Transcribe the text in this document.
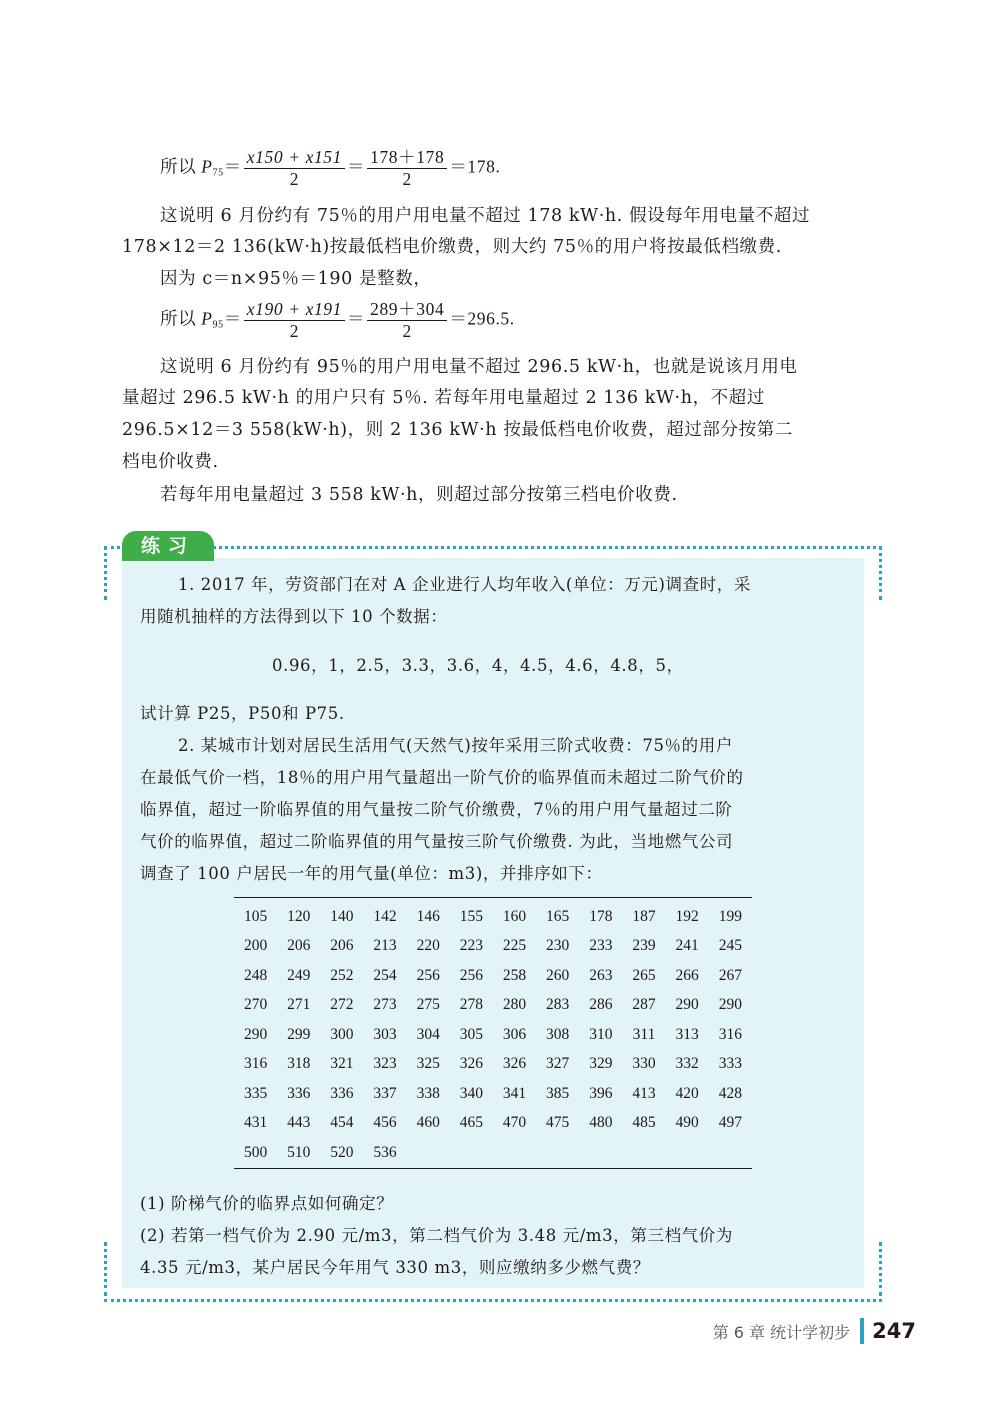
所以 $P_{75}= \frac{x150 + x151}{2} = \frac{178+178}{2} =178$.
这说明 6 月份约有 75％的用户用电量不超过 178 kW·h. 假设每年用电量不超过
178×12＝2 136(kW·h)按最低档电价缴费，则大约 75％的用户将按最低档缴费.
因为 c＝n×95％＝190 是整数，
所以 $P_{95}= \frac{x190 + x191}{2} = \frac{289+304}{2} =296.5$.
这说明 6 月份约有 95％的用户用电量不超过 296.5 kW·h，也就是说该月用电
量超过 296.5 kW·h 的用户只有 5％. 若每年用电量超过 2 136 kW·h，不超过
296.5×12＝3 558(kW·h)，则 2 136 kW·h 按最低档电价收费，超过部分按第二
档电价收费.
若每年用电量超过 3 558 kW·h，则超过部分按第三档电价收费.
练习
1. 2017 年，劳资部门在对 A 企业进行人均年收入(单位：万元)调查时，采
用随机抽样的方法得到以下 10 个数据：
0.96，1，2.5，3.3，3.6，4，4.5，4.6，4.8，5，
试计算 P25，P50和 P75.
2. 某城市计划对居民生活用气(天然气)按年采用三阶式收费：75％的用户
在最低气价一档，18％的用户用气量超出一阶气价的临界值而未超过二阶气价的
临界值，超过一阶临界值的用气量按二阶气价缴费，7％的用户用气量超过二阶
气价的临界值，超过二阶临界值的用气量按三阶气价缴费. 为此，当地燃气公司
调查了 100 户居民一年的用气量(单位：m3)，并排序如下：
105	120	140	142	146	155	160	165	178	187	192	199
200	206	206	213	220	223	225	230	233	239	241	245
248	249	252	254	256	256	258	260	263	265	266	267
270	271	272	273	275	278	280	283	286	287	290	290
290	299	300	303	304	305	306	308	310	311	313	316
316	318	321	323	325	326	326	327	329	330	332	333
335	336	336	337	338	340	341	385	396	413	420	428
431	443	454	456	460	465	470	475	480	485	490	497
500	510	520	536								
(1) 阶梯气价的临界点如何确定？
(2) 若第一档气价为 2.90 元/m3，第二档气价为 3.48 元/m3，第三档气价为
4.35 元/m3，某户居民今年用气 330 m3，则应缴纳多少燃气费？
第 6 章 统计学初步 247
